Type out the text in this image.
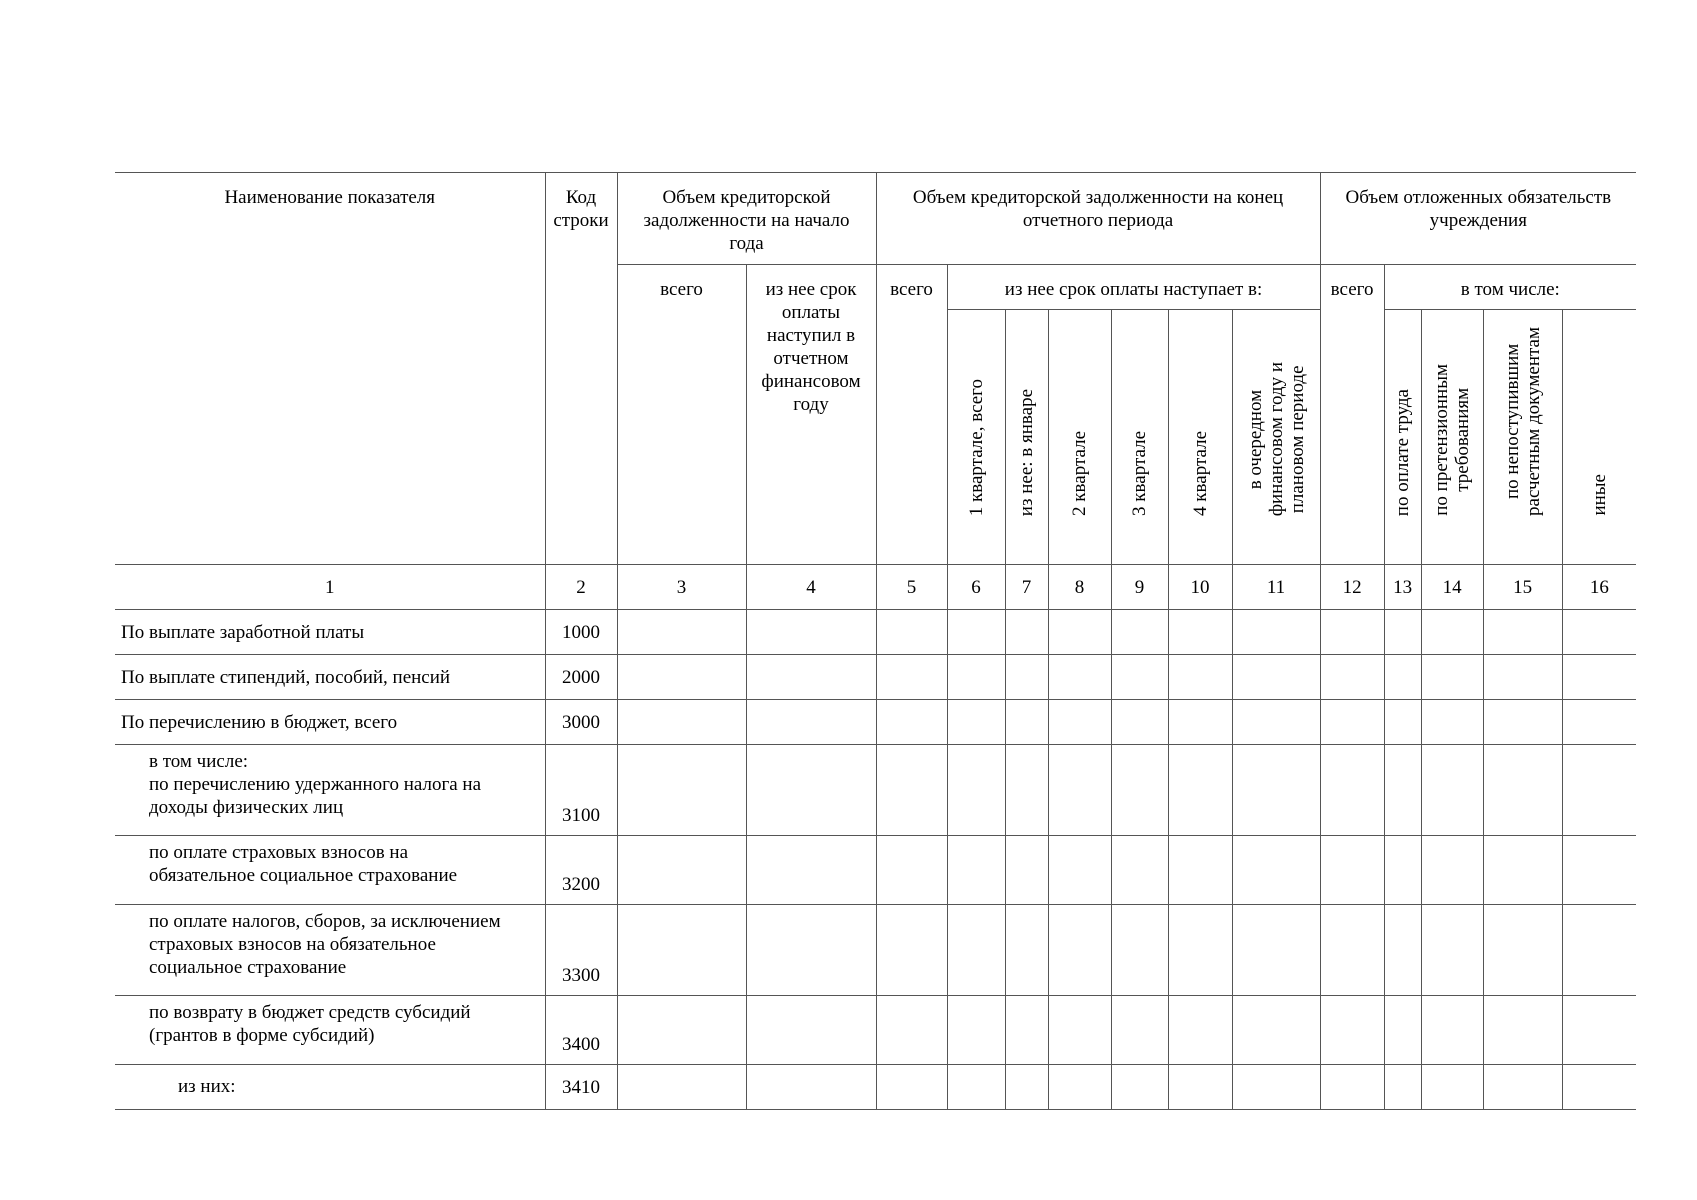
Наименование показателя	Код строки	Объем кредиторской задолженности на начало года		Объем кредиторской задолженности на конец отчетного периода							Объем отложенных обязательств учреждения				
		всего	из нее срок оплаты наступил в отчетном финансовом году	всего	из нее срок оплаты наступает в:						всего	в том числе:			

					1 квартале, всего	из нее: в январе	2 квартале	3 квартале	4 квартале	в очередном финансовом году и плановом периоде		по оплате труда	по претензионным требованиям	по непоступившим расчетным документам	иные

1	2	3	4	5	6	7	8	9	10	11	12	13	14	15	16

По выплате заработной платы	1000														

По выплате стипендий, пособий, пенсий	2000														

По перечислению в бюджет, всего	3000														

в том числе:
по перечислению удержанного налога на
доходы физических лиц	3100														

по оплате страховых взносов на
обязательное социальное страхование	3200														

по оплате налогов, сборов, за исключением
страховых взносов на обязательное
социальное страхование	3300														

по возврату в бюджет средств субсидий
(грантов в форме субсидий)	3400														

из них:	3410														
